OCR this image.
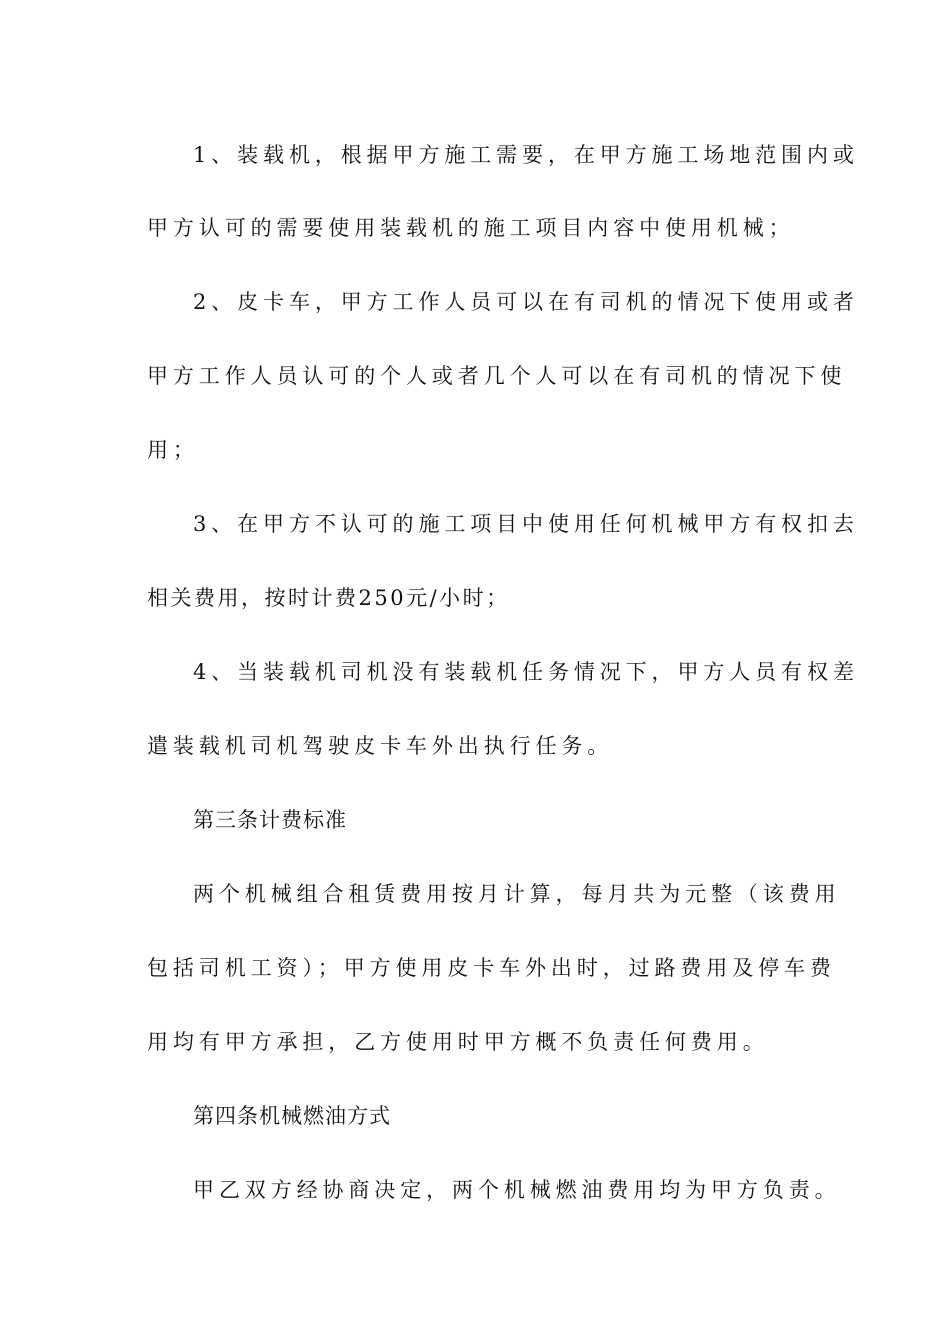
1、装载机，根据甲方施工需要，在甲方施工场地范围内或
甲方认可的需要使用装载机的施工项目内容中使用机械；
2、皮卡车，甲方工作人员可以在有司机的情况下使用或者
甲方工作人员认可的个人或者几个人可以在有司机的情况下使
用；
3、在甲方不认可的施工项目中使用任何机械甲方有权扣去
相关费用，按时计费250元/小时；
4、当装载机司机没有装载机任务情况下，甲方人员有权差
遣装载机司机驾驶皮卡车外出执行任务。
第三条计费标准
两个机械组合租赁费用按月计算，每月共为元整（该费用
包括司机工资）；甲方使用皮卡车外出时，过路费用及停车费
用均有甲方承担，乙方使用时甲方概不负责任何费用。
第四条机械燃油方式
甲乙双方经协商决定，两个机械燃油费用均为甲方负责。
